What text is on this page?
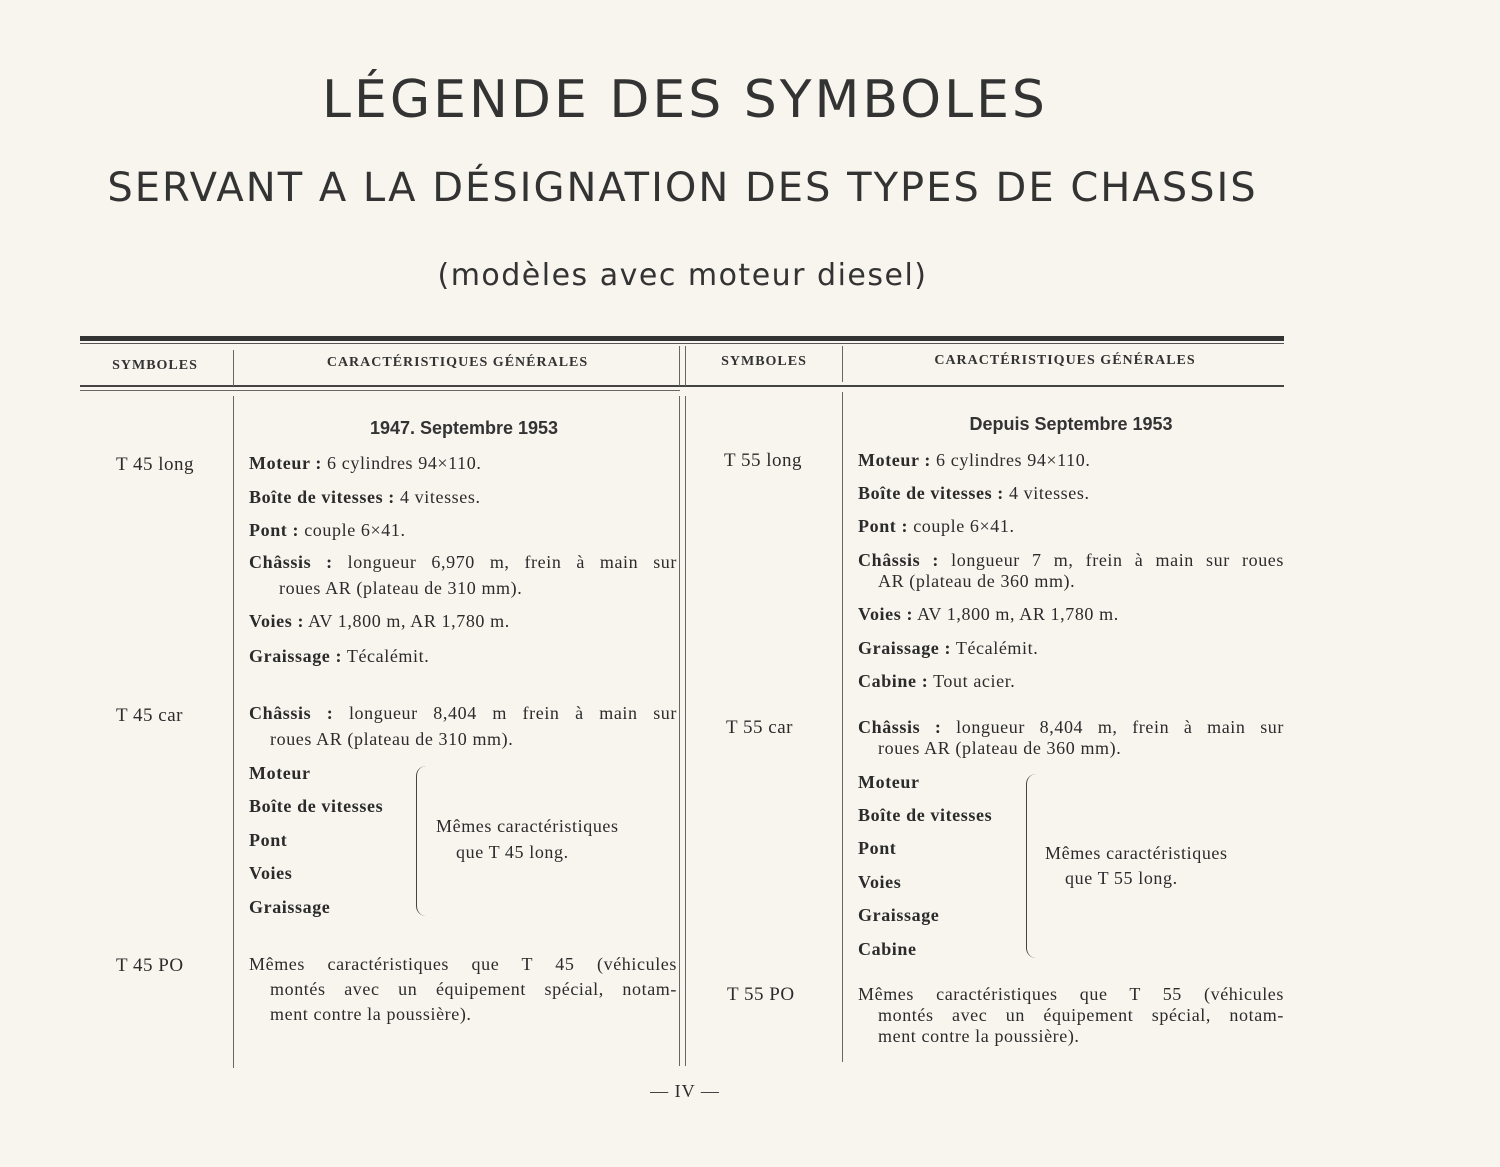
LÉGENDE DES SYMBOLES
SERVANT A LA DÉSIGNATION DES TYPES DE CHASSIS
(modèles avec moteur diesel)
SYMBOLES	CARACTÉRISTIQUES GÉNÉRALES	SYMBOLES	CARACTÉRISTIQUES GÉNÉRALES
1947. Septembre 1953
T 45 long	Moteur : 6 cylindres 94×110.
Boîte de vitesses : 4 vitesses.
Pont : couple 6×41.
Châssis : longueur 6,970 m, frein à main sur
roues AR (plateau de 310 mm).
Voies : AV 1,800 m, AR 1,780 m.
Graissage : Técalémit.
T 45 car	Châssis : longueur 8,404 m frein à main sur
roues AR (plateau de 310 mm).
Moteur
Boîte de vitesses
Pont
Voies
Graissage
Mêmes caractéristiques
que T 45 long.
T 45 PO	Mêmes caractéristiques que T 45 (véhicules
montés avec un équipement spécial, notam-
ment contre la poussière).
Depuis Septembre 1953
T 55 long	Moteur : 6 cylindres 94×110.
Boîte de vitesses : 4 vitesses.
Pont : couple 6×41.
Châssis : longueur 7 m, frein à main sur roues
AR (plateau de 360 mm).
Voies : AV 1,800 m, AR 1,780 m.
Graissage : Técalémit.
Cabine : Tout acier.
T 55 car	Châssis : longueur 8,404 m, frein à main sur
roues AR (plateau de 360 mm).
Moteur
Boîte de vitesses
Pont
Voies
Graissage
Cabine
Mêmes caractéristiques
que T 55 long.
T 55 PO	Mêmes caractéristiques que T 55 (véhicules
montés avec un équipement spécial, notam-
ment contre la poussière).
— IV —
